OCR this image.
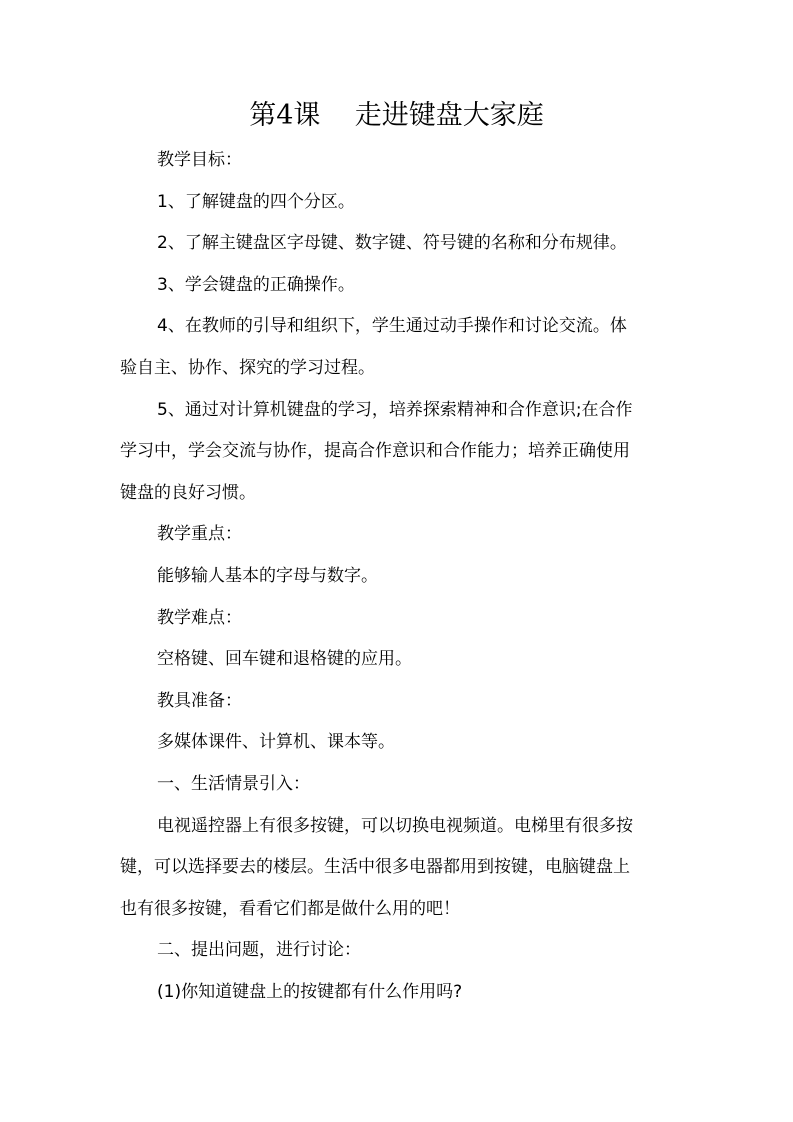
第4课    走进键盘大家庭

教学目标：

1、了解键盘的四个分区。

2、了解主键盘区字母键、数字键、符号键的名称和分布规律。

3、学会键盘的正确操作。

4、在教师的引导和组织下，学生通过动手操作和讨论交流。体
验自主、协作、探究的学习过程。

5、通过对计算机键盘的学习，培养探索精神和合作意识;在合作
学习中，学会交流与协作，提高合作意识和合作能力；培养正确使用
键盘的良好习惯。

教学重点：

能够输人基本的字母与数字。

教学难点：

空格键、回车键和退格键的应用。

教具准备：

多媒体课件、计算机、课本等。

一、生活情景引入：

电视遥控器上有很多按键，可以切换电视频道。电梯里有很多按
键，可以选择要去的楼层。生活中很多电器都用到按键，电脑键盘上
也有很多按键，看看它们都是做什么用的吧！

二、提出问题，进行讨论：

(1)你知道键盘上的按键都有什么作用吗?
